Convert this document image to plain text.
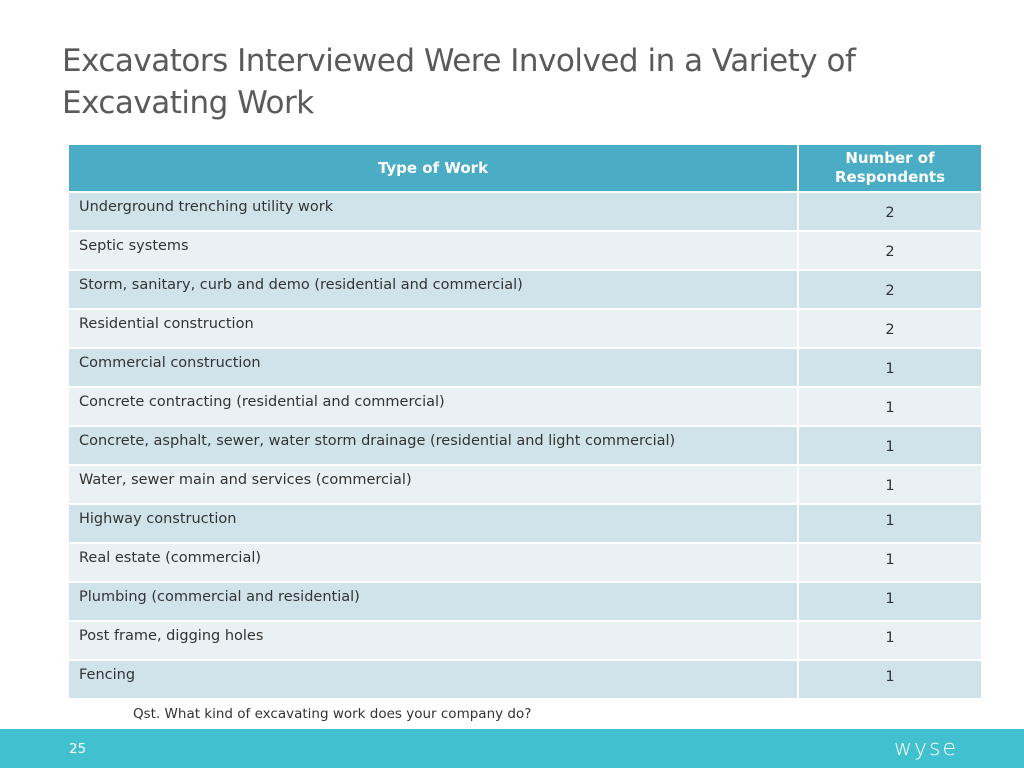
Excavators Interviewed Were Involved in a Variety of Excavating Work
Type of Work	Number of Respondents
Underground trenching utility work	2
Septic systems	2
Storm, sanitary, curb and demo (residential and commercial)	2
Residential construction	2
Commercial construction	1
Concrete contracting (residential and commercial)	1
Concrete, asphalt, sewer, water storm drainage (residential and light commercial)	1
Water, sewer main and services (commercial)	1
Highway construction	1
Real estate (commercial)	1
Plumbing (commercial and residential)	1
Post frame, digging holes	1
Fencing	1
Qst. What kind of excavating work does your company do?
25	wyse
